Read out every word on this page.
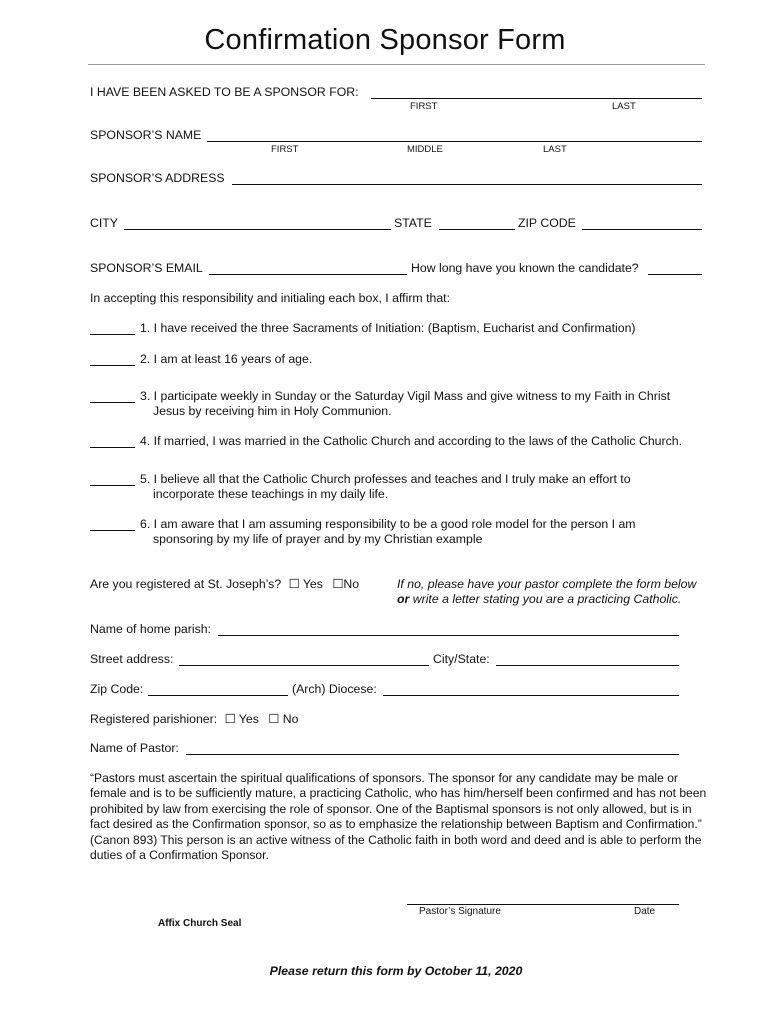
Confirmation Sponsor Form
I HAVE BEEN ASKED TO BE A SPONSOR FOR:
FIRST	LAST
SPONSOR’S NAME
FIRST	MIDDLE	LAST
SPONSOR’S ADDRESS
CITY	STATE	ZIP CODE
SPONSOR’S EMAIL	How long have you known the candidate?
In accepting this responsibility and initialing each box, I affirm that:
1. I have received the three Sacraments of Initiation: (Baptism, Eucharist and Confirmation)
2. I am at least 16 years of age.
3. I participate weekly in Sunday or the Saturday Vigil Mass and give witness to my Faith in Christ
Jesus by receiving him in Holy Communion.
4. If married, I was married in the Catholic Church and according to the laws of the Catholic Church.
5. I believe all that the Catholic Church professes and teaches and I truly make an effort to
incorporate these teachings in my daily life.
6. I am aware that I am assuming responsibility to be a good role model for the person I am
sponsoring by my life of prayer and by my Christian example
Are you registered at St. Joseph’s? ☐ Yes ☐No	If no, please have your pastor complete the form below
or write a letter stating you are a practicing Catholic.
Name of home parish:
Street address:	City/State:
Zip Code:	(Arch) Diocese:
Registered parishioner: ☐ Yes ☐ No
Name of Pastor:
“Pastors must ascertain the spiritual qualifications of sponsors. The sponsor for any candidate may be male or female and is to be sufficiently mature, a practicing Catholic, who has him/herself been confirmed and has not been prohibited by law from exercising the role of sponsor. One of the Baptismal sponsors is not only allowed, but is in fact desired as the Confirmation sponsor, so as to emphasize the relationship between Baptism and Confirmation.” (Canon 893) This person is an active witness of the Catholic faith in both word and deed and is able to perform the duties of a Confirmation Sponsor.
Pastor’s Signature	Date
Affix Church Seal
Please return this form by October 11, 2020
